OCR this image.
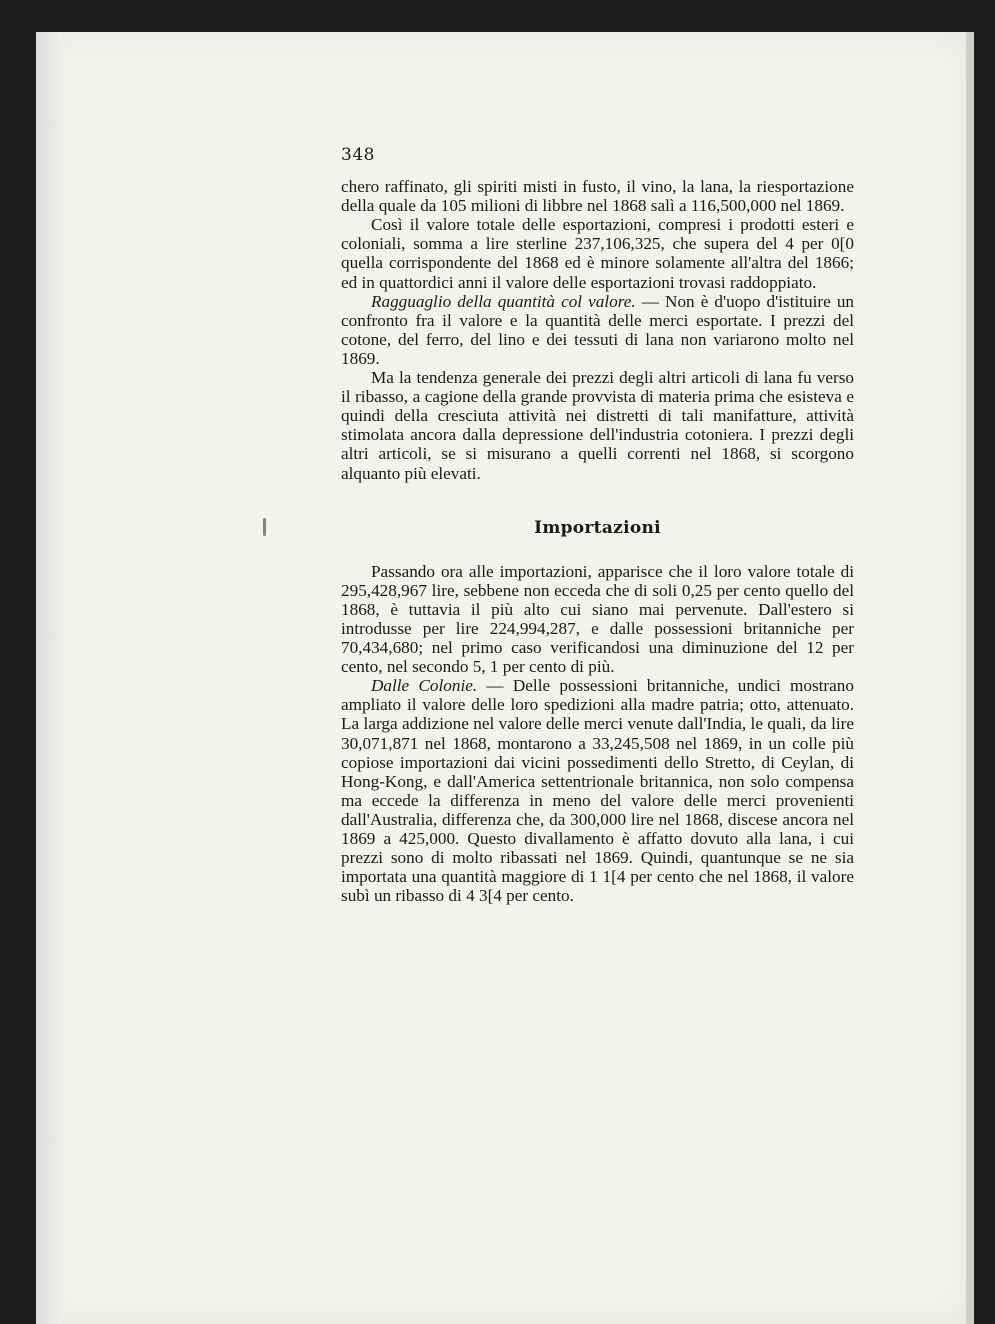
348

chero raffinato, gli spiriti misti in fusto, il vino, la lana, la riesportazione della quale da 105 milioni di libbre nel 1868 salì a 116,500,000 nel 1869.

Così il valore totale delle esportazioni, compresi i prodotti esteri e coloniali, somma a lire sterline 237,106,325, che supera del 4 per 0[0 quella corrispondente del 1868 ed è minore solamente all'altra del 1866; ed in quattordici anni il valore delle esportazioni trovasi raddoppiato.

Ragguaglio della quantità col valore. — Non è d'uopo d'istituire un confronto fra il valore e la quantità delle merci esportate. I prezzi del cotone, del ferro, del lino e dei tessuti di lana non variarono molto nel 1869.

Ma la tendenza generale dei prezzi degli altri articoli di lana fu verso il ribasso, a cagione della grande provvista di materia prima che esisteva e quindi della cresciuta attività nei distretti di tali manifatture, attività stimolata ancora dalla depressione dell'industria cotoniera. I prezzi degli altri articoli, se si misurano a quelli correnti nel 1868, si scorgono alquanto più elevati.

Importazioni

Passando ora alle importazioni, apparisce che il loro valore totale di 295,428,967 lire, sebbene non ecceda che di soli 0,25 per cento quello del 1868, è tuttavia il più alto cui siano mai pervenute. Dall'estero si introdusse per lire 224,994,287, e dalle possessioni britanniche per 70,434,680; nel primo caso verificandosi una diminuzione del 12 per cento, nel secondo 5, 1 per cento di più.

Dalle Colonie. — Delle possessioni britanniche, undici mostrano ampliato il valore delle loro spedizioni alla madre patria; otto, attenuato. La larga addizione nel valore delle merci venute dall'India, le quali, da lire 30,071,871 nel 1868, montarono a 33,245,508 nel 1869, in un colle più copiose importazioni dai vicini possedimenti dello Stretto, di Ceylan, di Hong-Kong, e dall'America settentrionale britannica, non solo compensa ma eccede la differenza in meno del valore delle merci provenienti dall'Australia, differenza che, da 300,000 lire nel 1868, discese ancora nel 1869 a 425,000. Questo divallamento è affatto dovuto alla lana, i cui prezzi sono di molto ribassati nel 1869. Quindi, quantunque se ne sia importata una quantità maggiore di 1 1[4 per cento che nel 1868, il valore subì un ribasso di 4 3[4 per cento.
